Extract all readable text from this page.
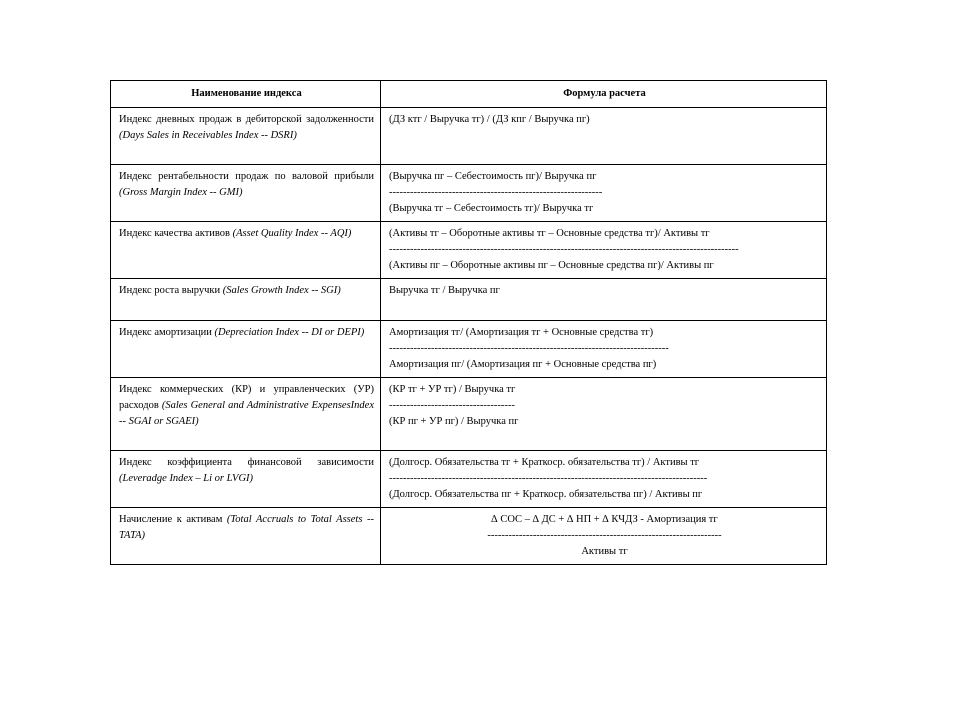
Наименование индекса	Формула расчета
Индекс дневных продаж в дебиторской задолженности (Days Sales in Receivables Index -- DSRI)	(ДЗ ктг / Выручка тг) / (ДЗ кпг / Выручка пг)

Индекс рентабельности продаж по валовой прибыли (Gross Margin Index -- GMI)	(Выручка пг – Себестоимость пг)/ Выручка пг
-------------------------------------------------------------
(Выручка тг – Себестоимость тг)/ Выручка тг

Индекс качества активов (Asset Quality Index -- AQI)	(Активы тг – Оборотные активы тг – Основные средства тг)/ Активы тг
----------------------------------------------------------------------------------------------------
(Активы пг – Оборотные активы пг – Основные средства пг)/ Активы пг

Индекс роста выручки (Sales Growth Index -- SGI)	Выручка тг / Выручка пг

Индекс амортизации (Depreciation Index -- DI or DEPI)	Амортизация тг/ (Амортизация тг + Основные средства тг)
--------------------------------------------------------------------------------
Амортизация пг/ (Амортизация пг + Основные средства пг)

Индекс коммерческих (КР) и управленческих (УР) расходов (Sales General and Administrative ExpensesIndex -- SGAI or SGAEI)	(КР тг + УР тг) / Выручка тг
------------------------------------
(КР пг + УР пг) / Выручка пг

Индекс коэффициента финансовой зависимости (Leveradge Index – Li or LVGI)	(Долгоср. Обязательства тг + Краткоср. обязательства тг) / Активы тг
-------------------------------------------------------------------------------------------
(Долгоср. Обязательства пг + Краткоср. обязательства пг) / Активы пг

Начисление к активам (Total Accruals to Total Assets -- TATA)	∆ СОС – ∆ ДС + ∆ НП + ∆ КЧДЗ - Амортизация тг
-------------------------------------------------------------------
Активы тг
